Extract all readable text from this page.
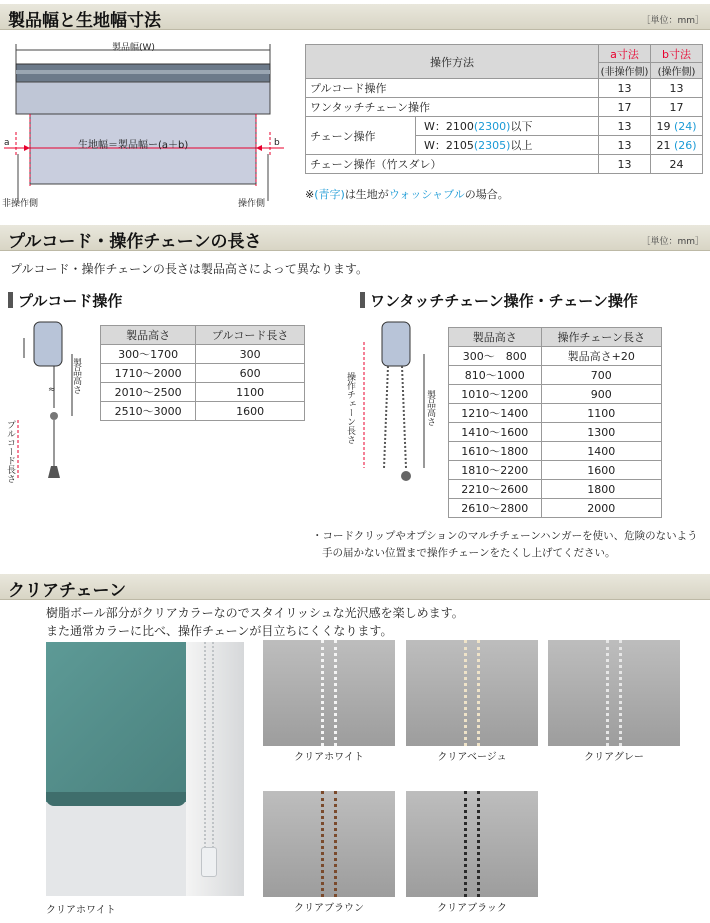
製品幅と生地幅寸法	［単位：mm］
製品幅(W)
a	b
生地幅＝製品幅ー(a＋b)
非操作側	操作側
操作方法		a寸法	b寸法
		(非操作側)	(操作側)
プルコード操作		13	13
ワンタッチチェーン操作		17	17
チェーン操作	W：2100(2300)以下	13	19 (24)
	W：2105(2305)以上	13	21 (26)
チェーン操作（竹スダレ）		13	24
※(青字)は生地がウォッシャブルの場合。
プルコード・操作チェーンの長さ	［単位：mm］
プルコード・操作チェーンの長さは製品高さによって異なります。
プルコード操作
≈ 製品高さ
プルコード長さ
製品高さ	プルコード長さ
300～1700	300
1710～2000	600
2010～2500	1100
2510～3000	1600
ワンタッチチェーン操作・チェーン操作
操作チェーン長さ	製品高さ
製品高さ	操作チェーン長さ
300～　800	製品高さ+20
810～1000	700
1010～1200	900
1210～1400	1100
1410～1600	1300
1610～1800	1400
1810～2200	1600
2210～2600	1800
2610～2800	2000
・コードクリップやオプションのマルチチェーンハンガーを使い、危険のないよう
手の届かない位置まで操作チェーンをたくし上げてください。
クリアチェーン
樹脂ボール部分がクリアカラーなのでスタイリッシュな光沢感を楽しめます。
また通常カラーに比べ、操作チェーンが目立ちにくくなります。
クリアホワイト
クリアホワイト	クリアベージュ	クリアグレー
クリアブラウン	クリアブラック
